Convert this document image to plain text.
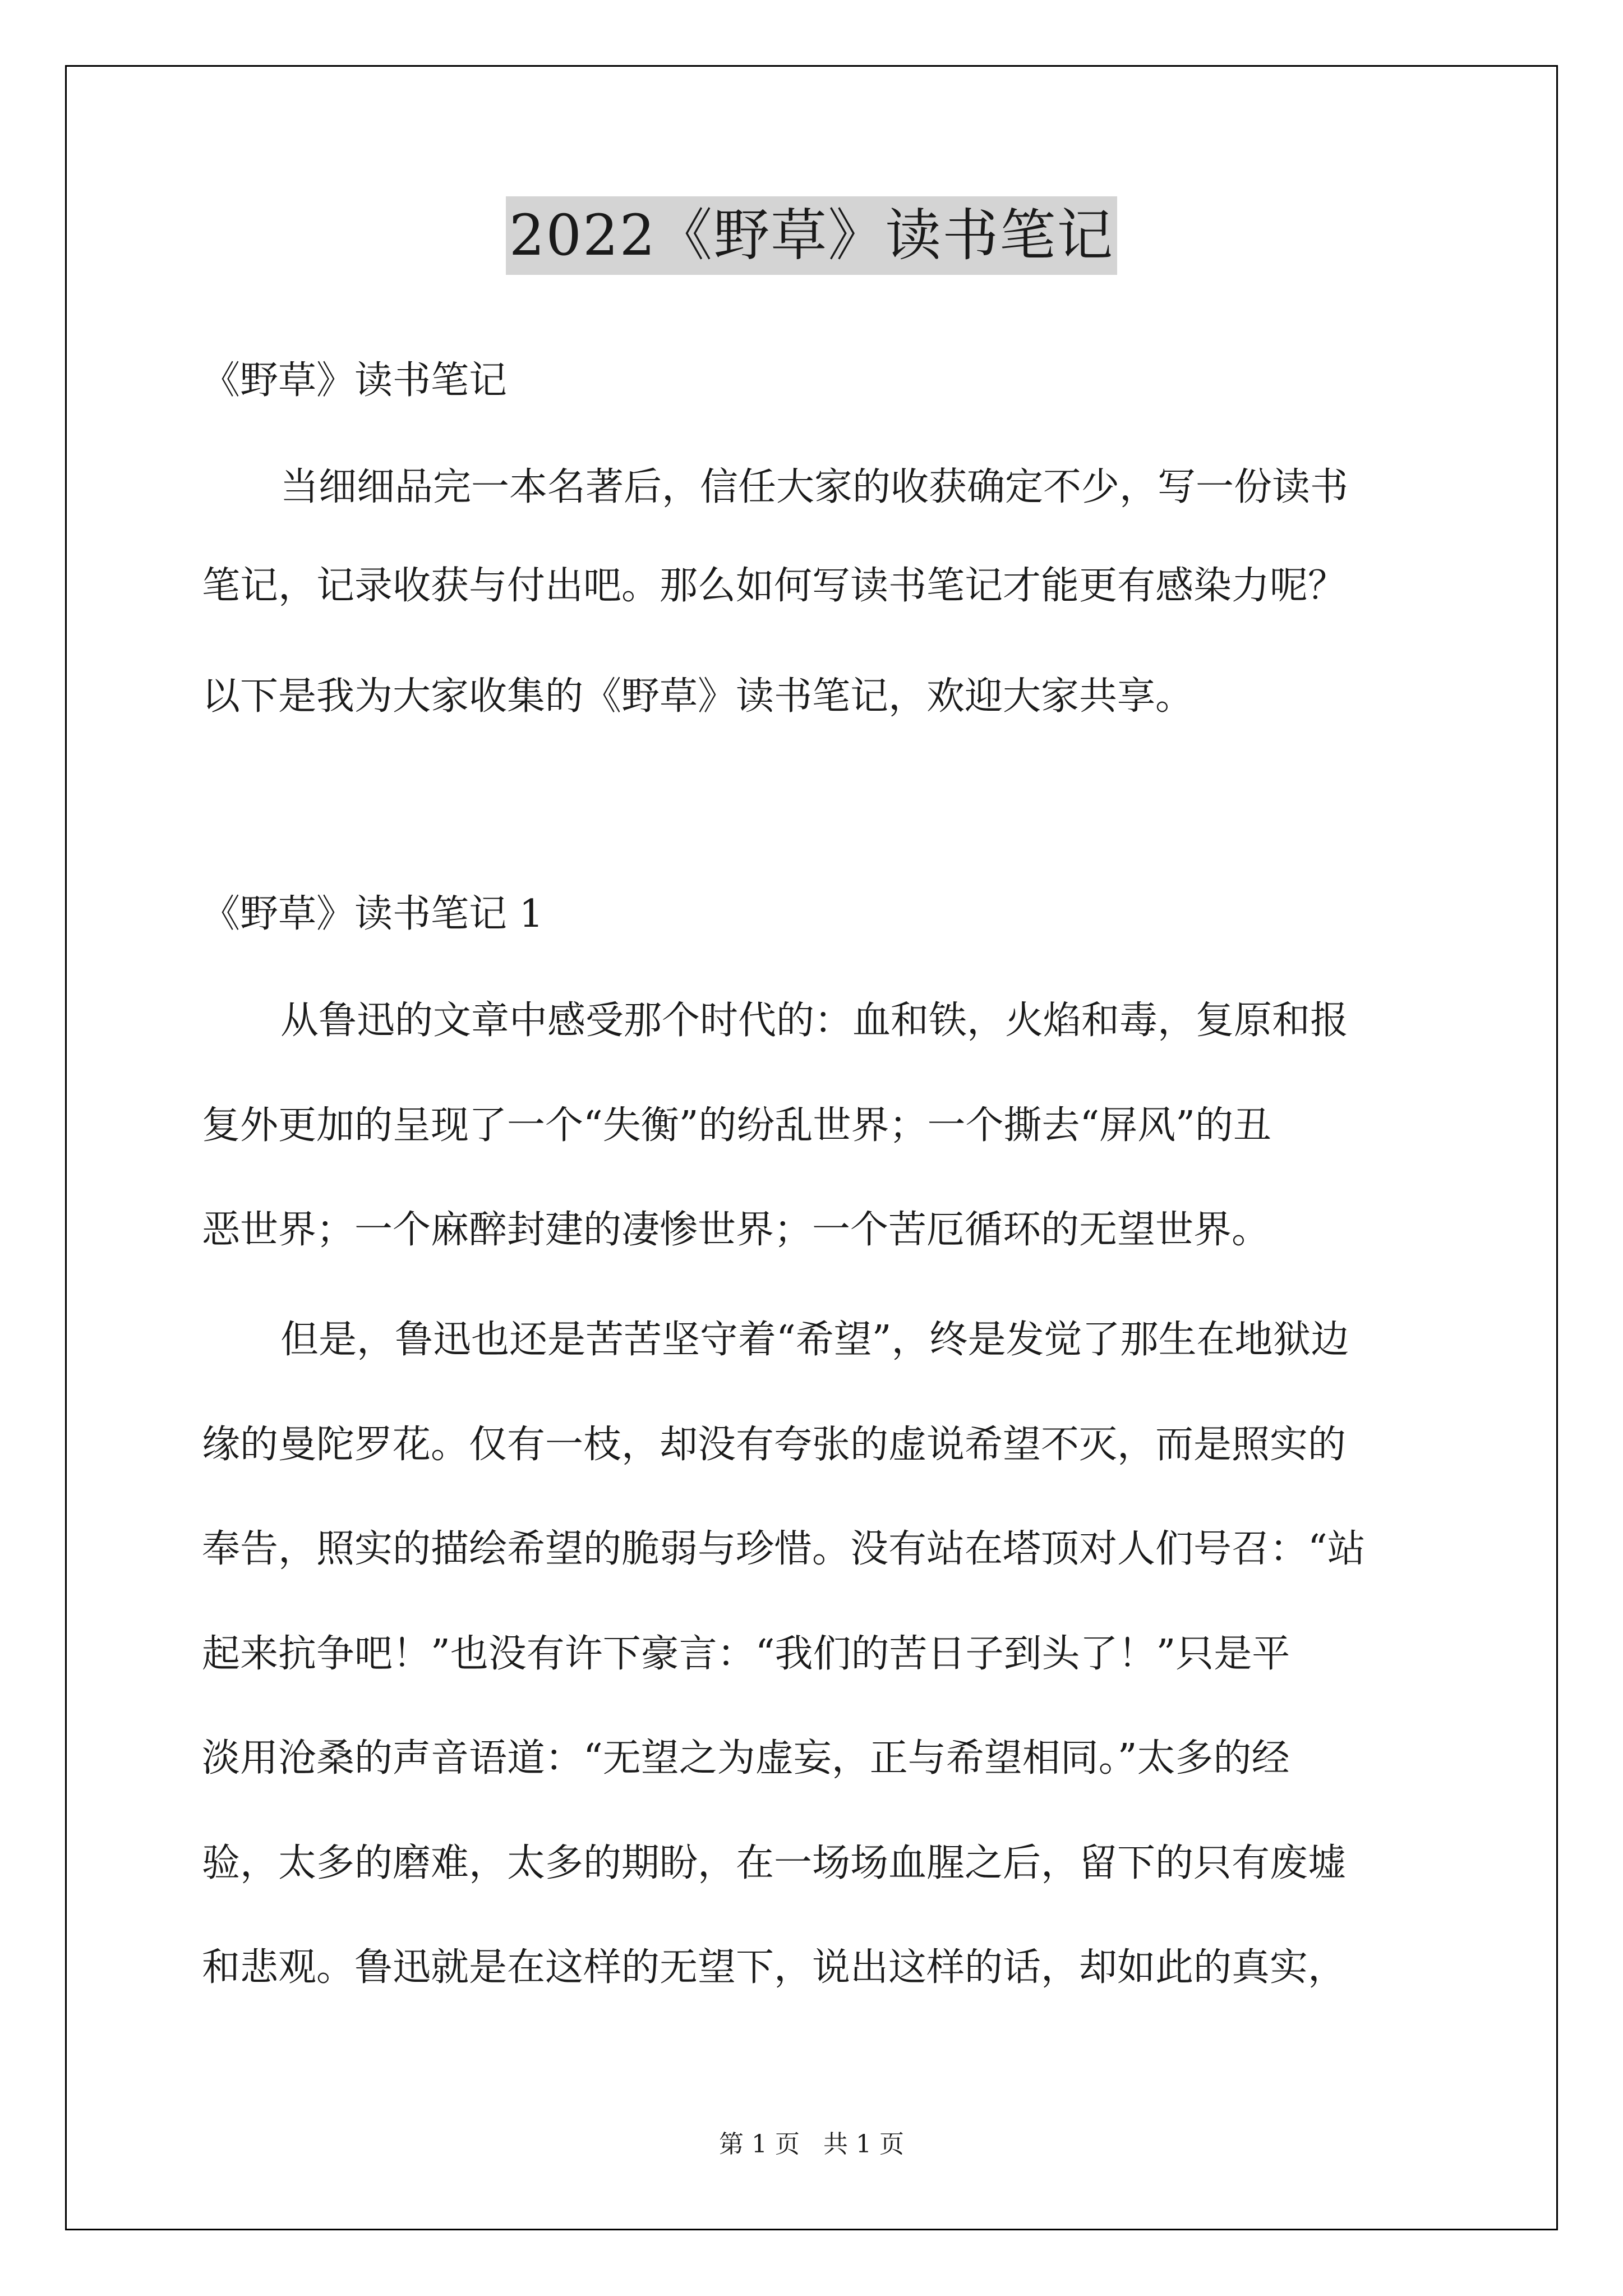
2022《野草》读书笔记
《野草》读书笔记
当细细品完一本名著后，信任大家的收获确定不少，写一份读书
笔记，记录收获与付出吧。那么如何写读书笔记才能更有感染力呢？
以下是我为大家收集的《野草》读书笔记，欢迎大家共享。
《野草》读书笔记 1
从鲁迅的文章中感受那个时代的：血和铁，火焰和毒，复原和报
复外更加的呈现了一个“失衡”的纷乱世界；一个撕去“屏风”的丑
恶世界；一个麻醉封建的凄惨世界；一个苦厄循环的无望世界。
但是，鲁迅也还是苦苦坚守着“希望”，终是发觉了那生在地狱边
缘的曼陀罗花。仅有一枝，却没有夸张的虚说希望不灭，而是照实的
奉告，照实的描绘希望的脆弱与珍惜。没有站在塔顶对人们号召：“站
起来抗争吧！”也没有许下豪言：“我们的苦日子到头了！”只是平
淡用沧桑的声音语道：“无望之为虚妄，正与希望相同。”太多的经
验，太多的磨难，太多的期盼，在一场场血腥之后，留下的只有废墟
和悲观。鲁迅就是在这样的无望下，说出这样的话，却如此的真实，
第 1 页 共 1 页
